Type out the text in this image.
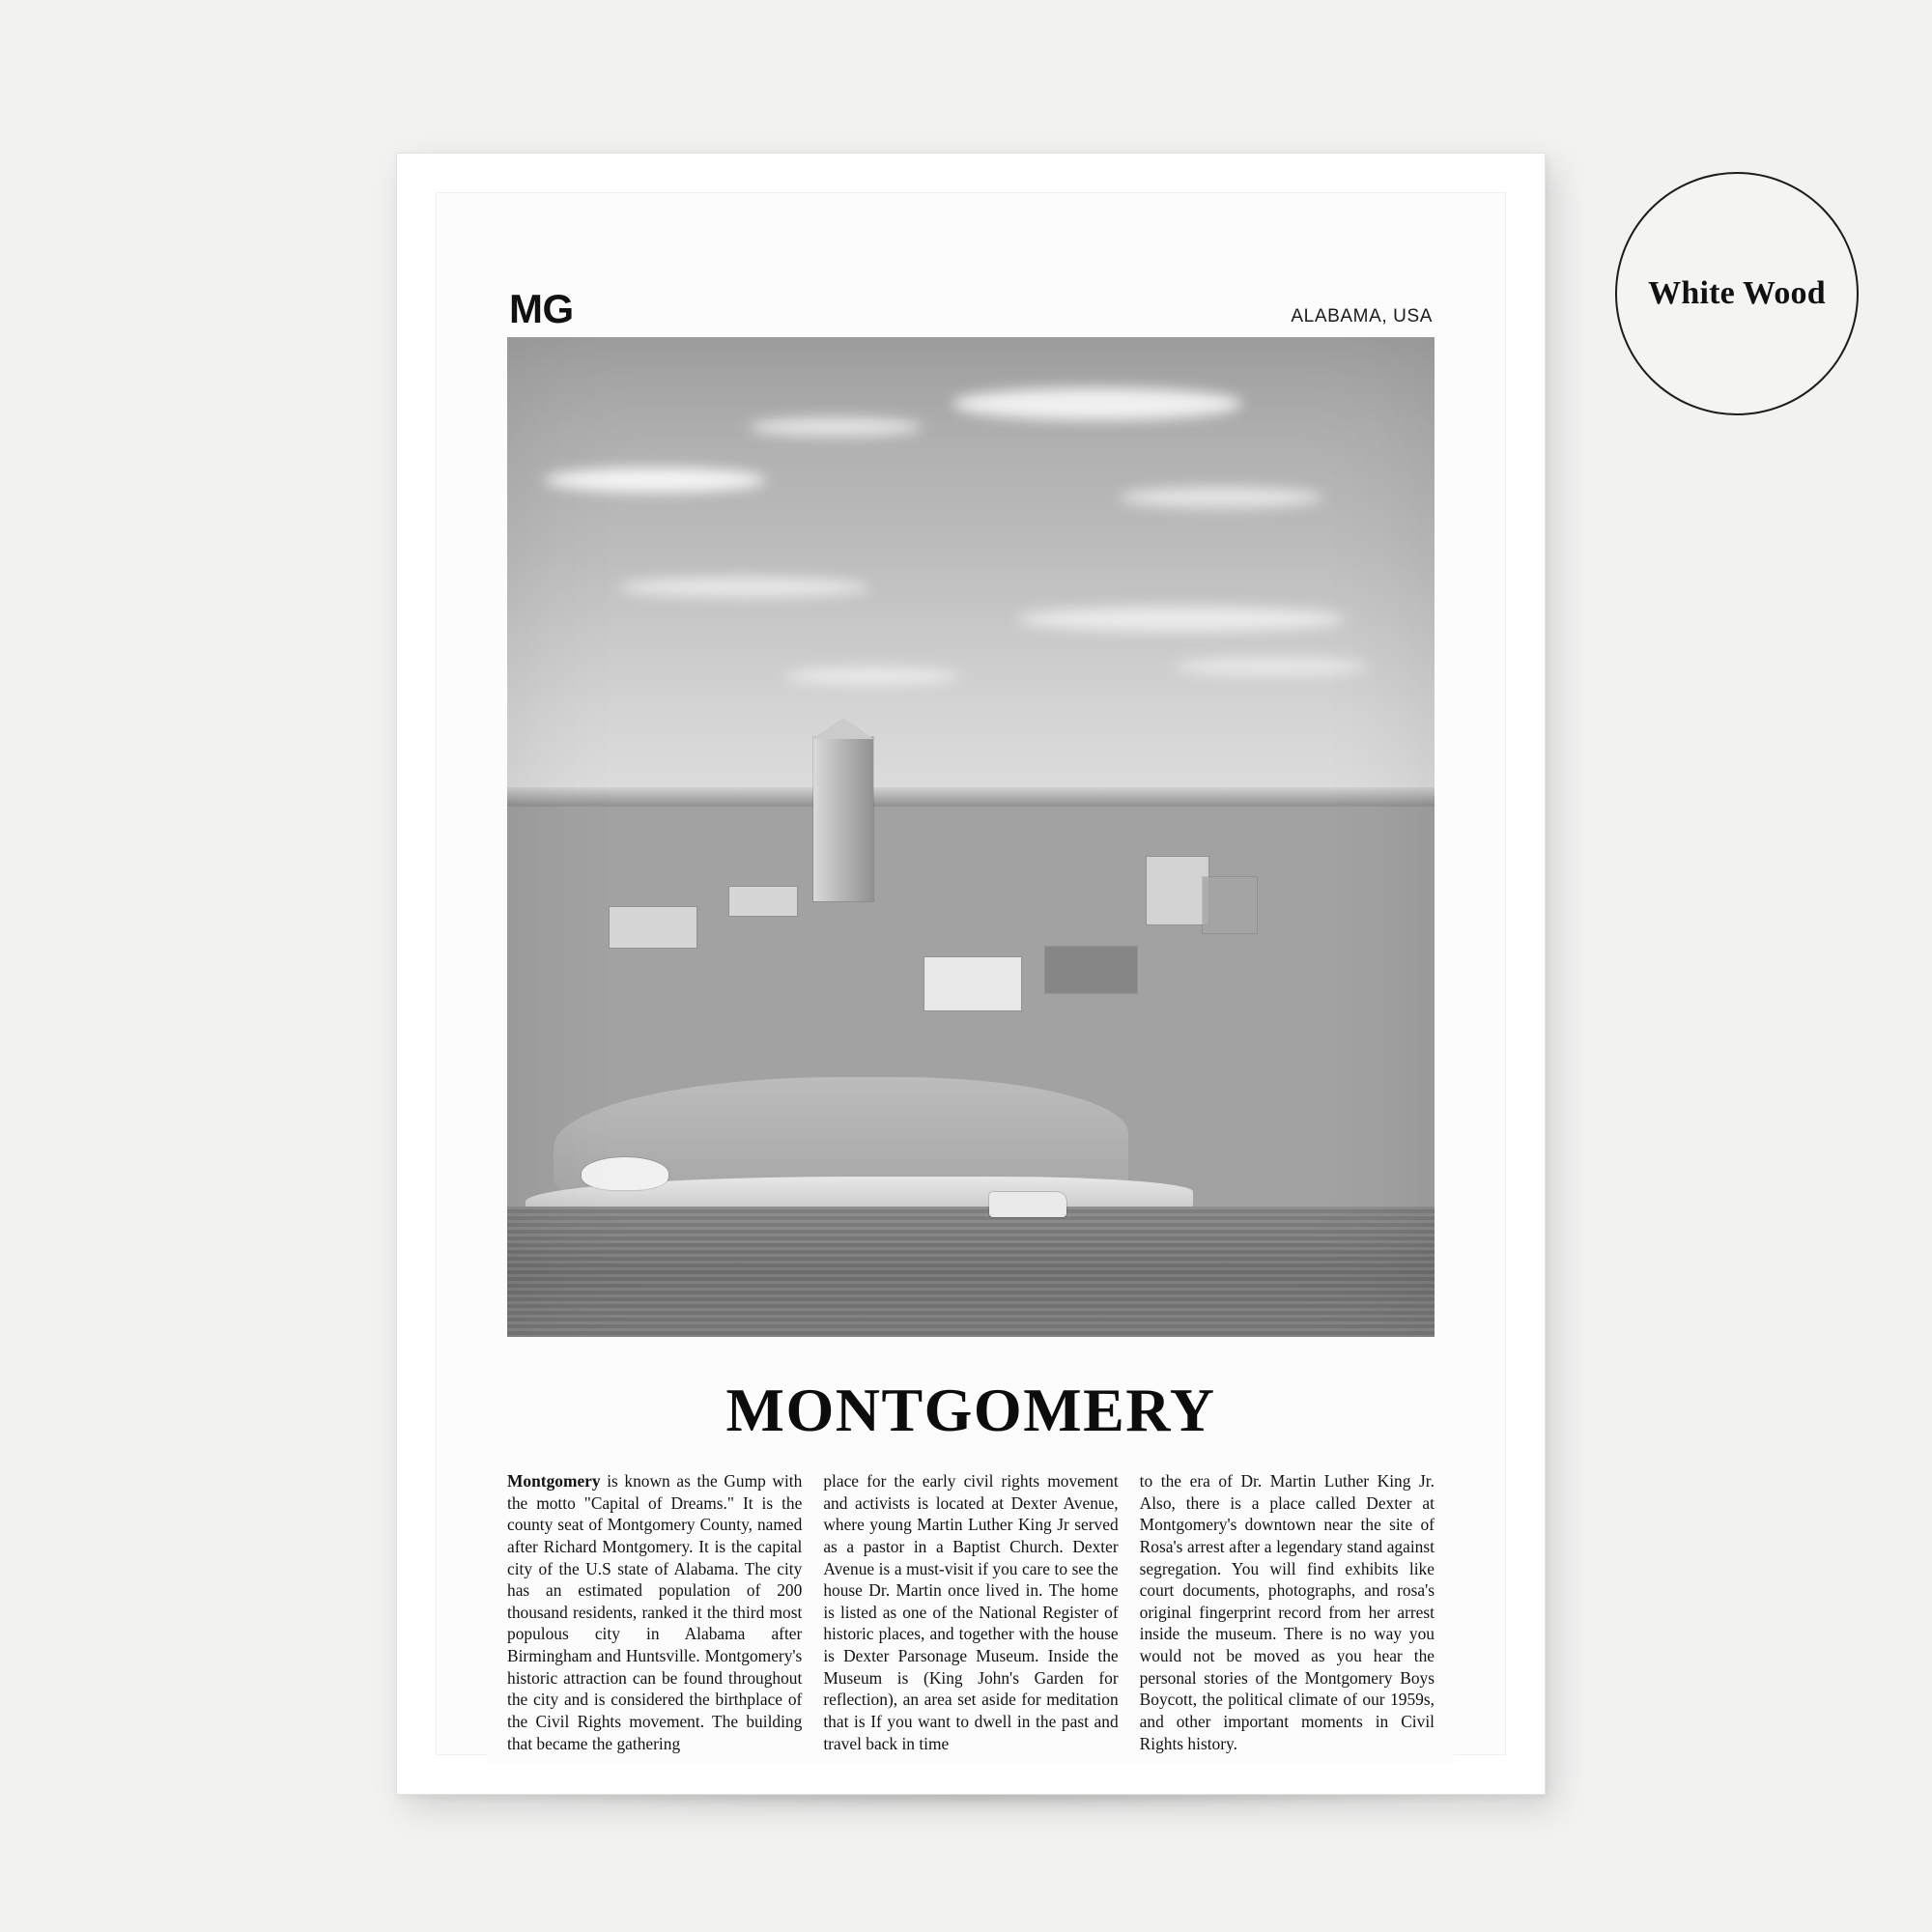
White Wood
MG	ALABAMA, USA
MONTGOMERY
Montgomery is known as the Gump with the motto "Capital of Dreams." It is the county seat of Montgomery County, named after Richard Montgomery. It is the capital city of the U.S state of Alabama. The city has an estimated population of 200 thousand residents, ranked it the third most populous city in Alabama after Birmingham and Huntsville. Montgomery's historic attraction can be found throughout the city and is considered the birthplace of the Civil Rights movement. The building that became the gathering
place for the early civil rights movement and activists is located at Dexter Avenue, where young Martin Luther King Jr served as a pastor in a Baptist Church. Dexter Avenue is a must-visit if you care to see the house Dr. Martin once lived in. The home is listed as one of the National Register of historic places, and together with the house is Dexter Parsonage Museum. Inside the Museum is (King John's Garden for reflection), an area set aside for meditation that is If you want to dwell in the past and travel back in time
to the era of Dr. Martin Luther King Jr. Also, there is a place called Dexter at Montgomery's downtown near the site of Rosa's arrest after a legendary stand against segregation. You will find exhibits like court documents, photographs, and rosa's original fingerprint record from her arrest inside the museum. There is no way you would not be moved as you hear the personal stories of the Montgomery Boys Boycott, the political climate of our 1959s, and other important moments in Civil Rights history.
